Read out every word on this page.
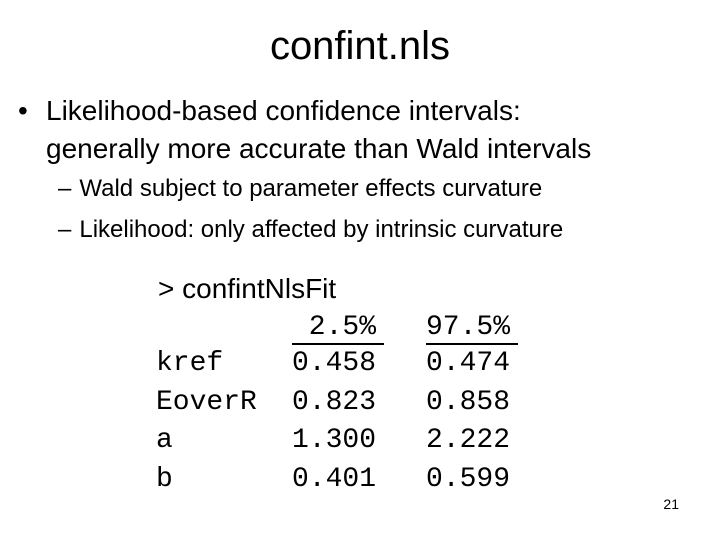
confint.nls
• Likelihood-based confidence intervals:
generally more accurate than Wald intervals
– Wald subject to parameter effects curvature
– Likelihood: only affected by intrinsic curvature
> confintNlsFit
2.5% 97.5%
kref 0.458 0.474
EoverR 0.823 0.858
a	1.300 2.222
b	0.401 0.599
21
